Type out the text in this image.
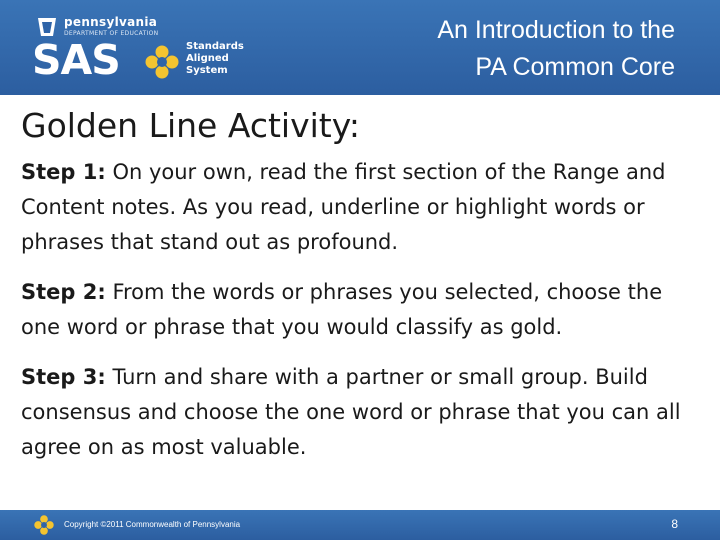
pennsylvania
DEPARTMENT OF EDUCATION
SAS	Standards
Aligned
System
An Introduction to the
PA Common Core
Golden Line Activity:

Step 1: On your own, read the first section of the Range and Content notes. As you read, underline or highlight words or phrases that stand out as profound.

Step 2: From the words or phrases you selected, choose the one word or phrase that you would classify as gold.

Step 3: Turn and share with a partner or small group. Build consensus and choose the one word or phrase that you can all agree on as most valuable.

Copyright ©2011 Commonwealth of Pennsylvania	8
